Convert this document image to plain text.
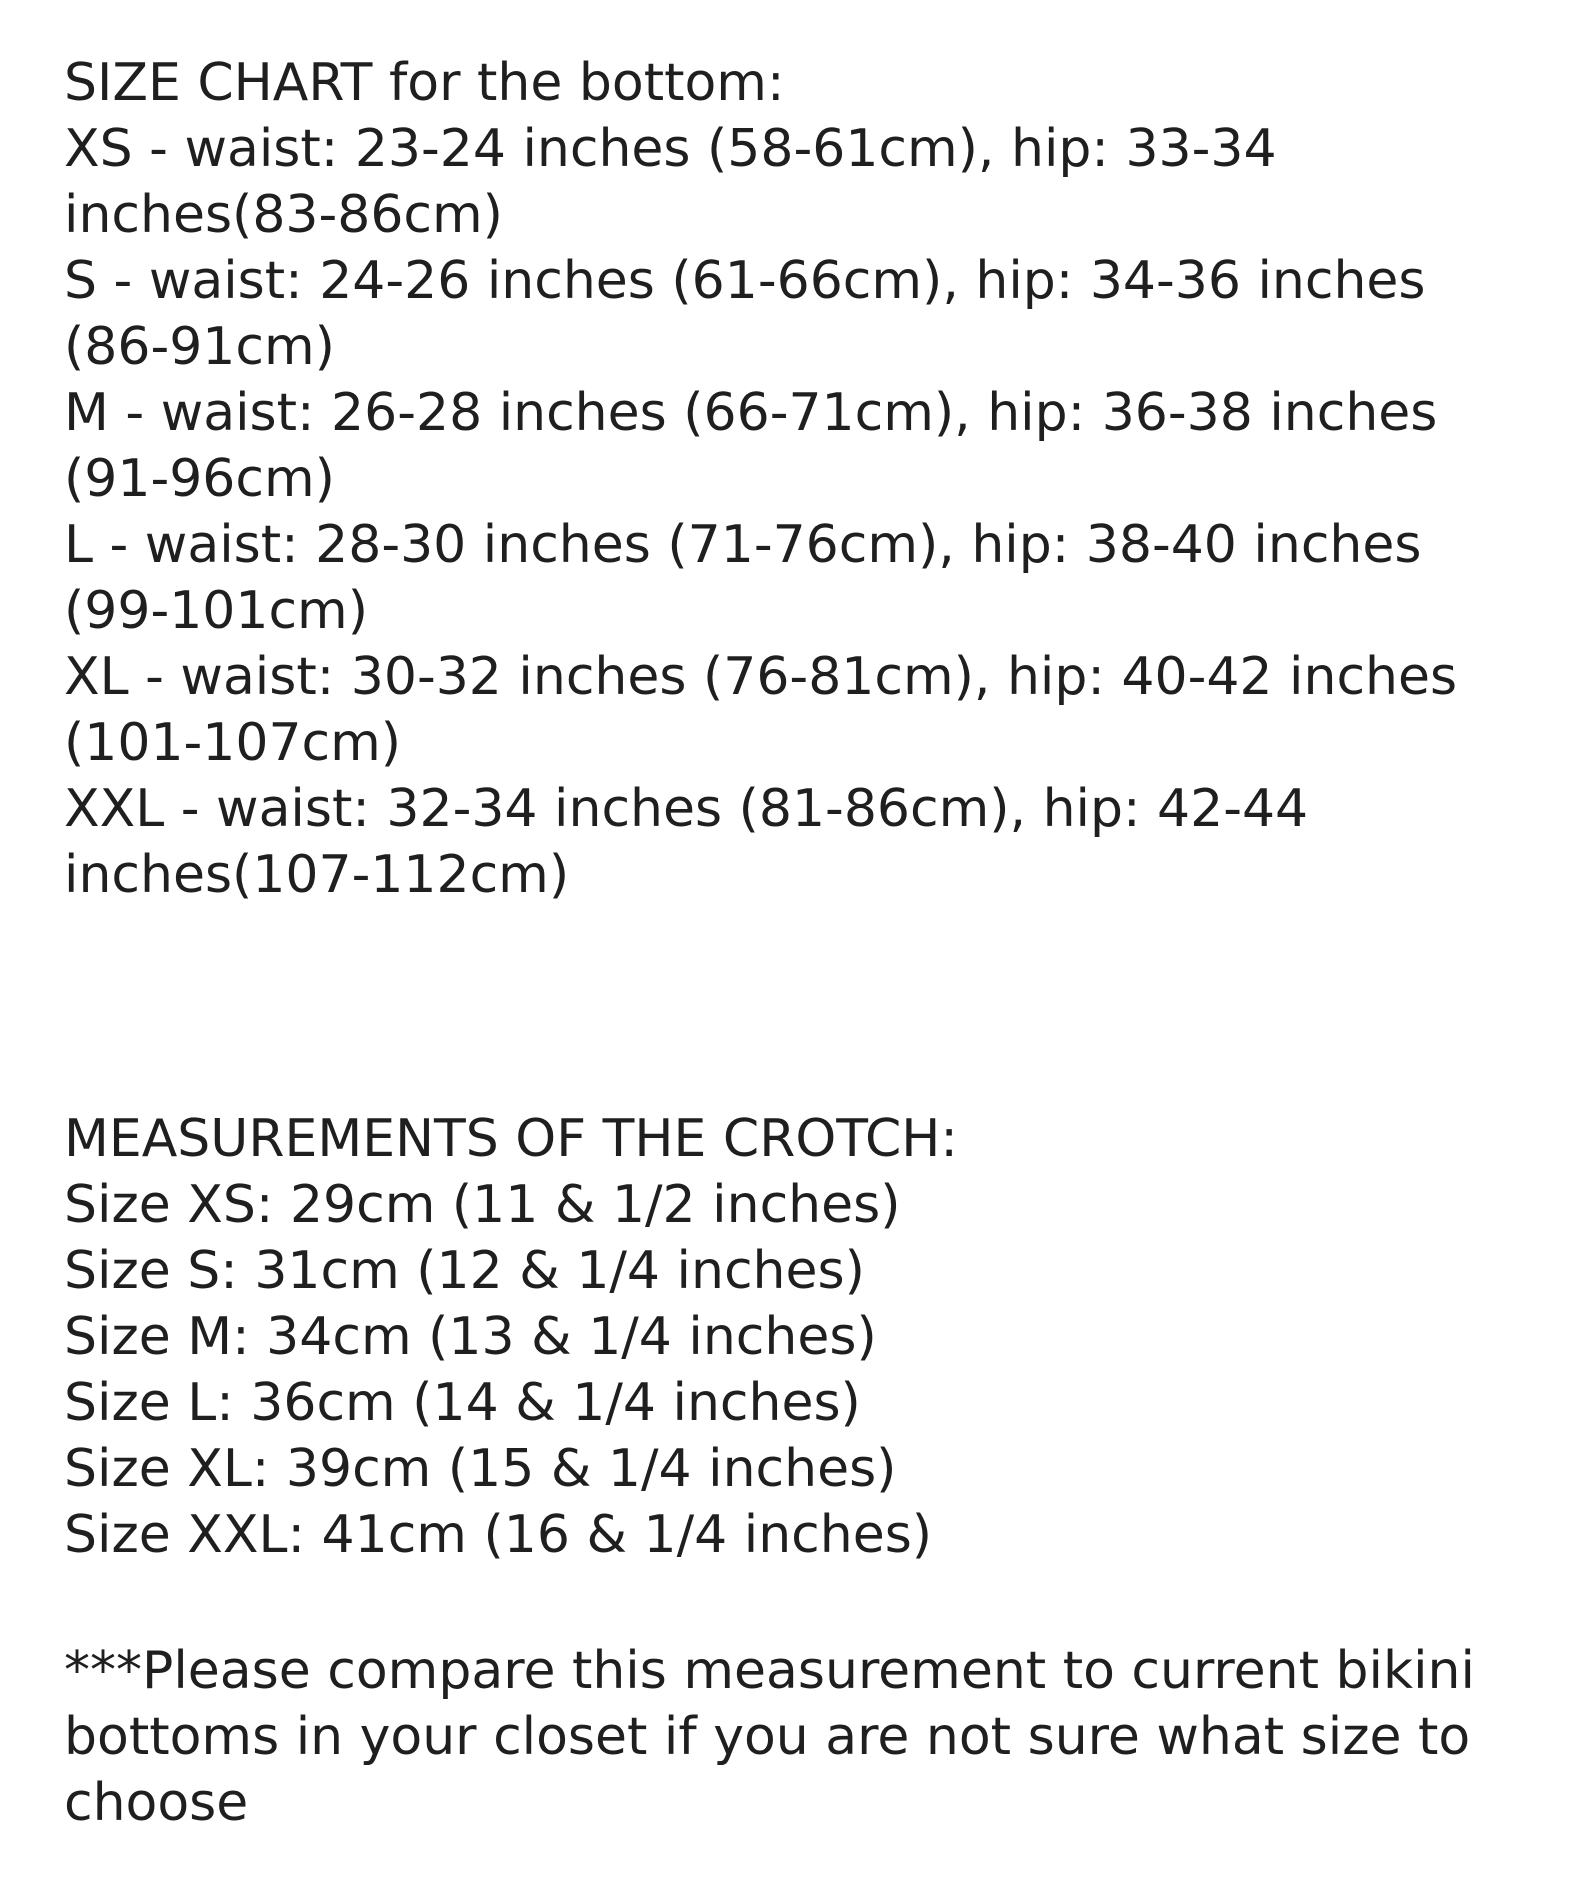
SIZE CHART for the bottom:
XS - waist: 23-24 inches (58-61cm), hip: 33-34
inches(83-86cm)
S - waist: 24-26 inches (61-66cm), hip: 34-36 inches
(86-91cm)
M - waist: 26-28 inches (66-71cm), hip: 36-38 inches
(91-96cm)
L - waist: 28-30 inches (71-76cm), hip: 38-40 inches
(99-101cm)
XL - waist: 30-32 inches (76-81cm), hip: 40-42 inches
(101-107cm)
XXL - waist: 32-34 inches (81-86cm), hip: 42-44
inches(107-112cm)
MEASUREMENTS OF THE CROTCH:
Size XS: 29cm (11 & 1/2 inches)
Size S: 31cm (12 & 1/4 inches)
Size M: 34cm (13 & 1/4 inches)
Size L: 36cm (14 & 1/4 inches)
Size XL: 39cm (15 & 1/4 inches)
Size XXL: 41cm (16 & 1/4 inches)
***Please compare this measurement to current bikini
bottoms in your closet if you are not sure what size to
choose
